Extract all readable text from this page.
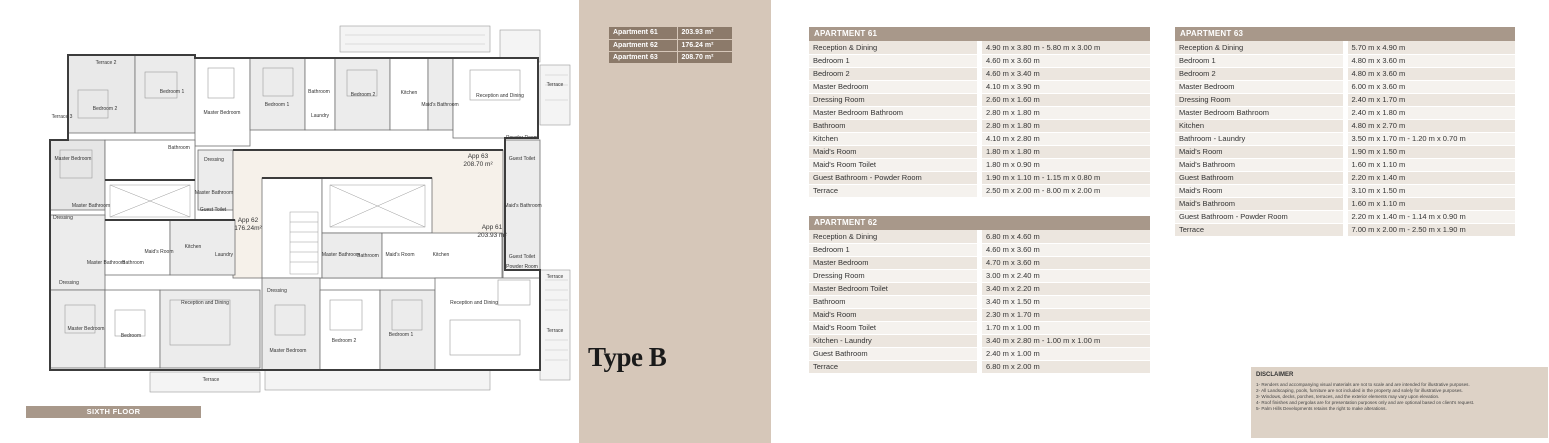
Terrace 2
Terrace 3
Terrace
Terrace
Terrace
Terrace
Bedroom 2
Bedroom 1
Master Bedroom
Bathroom
Dressing
Master Bathroom
Master Bathroom
Dressing
Guest Toilet
Kitchen
Laundry
Maid's Room
Bathroom
Master Bedroom
Bedroom 1
Bathroom
Laundry
Bedroom 2	Kitchen
Maid's Bathroom
Reception and Dining
Powder Room
Guest Toilet
Dressing
Master Bedroom
Bedroom
Reception and Dining
Dressing
Master Bedroom
Bedroom 2
Bedroom 1
Reception and Dining
Master Bathroom
Bathroom Maid's Room	Kitchen	Guest Toilet
Powder Room
Master Bathroom
Maid's Bathroom
App 63
208.70 m²
App 62
176.24m²	App 61
203.93 m²
SIXTH FLOOR
Apartment 61	203.93 m²
Apartment 62	176.24 m²
Apartment 63	208.70 m²
Type B
APARTMENT 61
Reception & Dining	4.90 m x 3.80 m - 5.80 m x 3.00 m
Bedroom 1	4.60 m x 3.60 m
Bedroom 2	4.60 m x 3.40 m
Master Bedroom	4.10 m x 3.90 m
Dressing Room	2.60 m x 1.60 m
Master Bedroom Bathroom	2.80 m x 1.80 m
Bathroom	2.80 m x 1.80 m
Kitchen	4.10 m x 2.80 m
Maid's Room	1.80 m x 1.80 m
Maid's Room Toilet	1.80 m x 0.90 m
Guest Bathroom - Powder Room	1.90 m x 1.10 m - 1.15 m x 0.80 m
Terrace	2.50 m x 2.00 m - 8.00 m x 2.00 m
APARTMENT 62
Reception & Dining	6.80 m x 4.60 m
Bedroom 1	4.60 m x 3.60 m
Master Bedroom	4.70 m x 3.60 m
Dressing Room	3.00 m x 2.40 m
Master Bedroom Toilet	3.40 m x 2.20 m
Bathroom	3.40 m x 1.50 m
Maid's Room	2.30 m x 1.70 m
Maid's Room Toilet	1.70 m x 1.00 m
Kitchen - Laundry	3.40 m x 2.80 m - 1.00 m x 1.00 m
Guest Bathroom	2.40 m x 1.00 m
Terrace	6.80 m x 2.00 m
APARTMENT 63
Reception & Dining	5.70 m x 4.90 m
Bedroom 1	4.80 m x 3.60 m
Bedroom 2	4.80 m x 3.60 m
Master Bedroom	6.00 m x 3.60 m
Dressing Room	2.40 m x 1.70 m
Master Bedroom Bathroom	2.40 m x 1.80 m
Kitchen	4.80 m x 2.70 m
Bathroom - Laundry	3.50 m x 1.70 m - 1.20 m x 0.70 m
Maid's Room	1.90 m x 1.50 m
Maid's Bathroom	1.60 m x 1.10 m
Guest Bathroom	2.20 m x 1.40 m
Maid's Room	3.10 m x 1.50 m
Maid's Bathroom	1.60 m x 1.10 m
Guest Bathroom - Powder Room	2.20 m x 1.40 m - 1.14 m x 0.90 m
Terrace	7.00 m x 2.00 m - 2.50 m x 1.90 m
DISCLAIMER
1- Renders and accompanying visual materials are not to scale and are intended for illustrative purposes.
2- All Landscaping, pools, furniture are not included in the property and solely for illustrative purposes.
3- Windows, decks, porches, terraces, and the exterior elements may vary upon elevation.
4- Roof finishes and pergolas are for presentation purposes only and are optional based on client's request.
5- Palm Hills Developments retains the right to make alterations.
